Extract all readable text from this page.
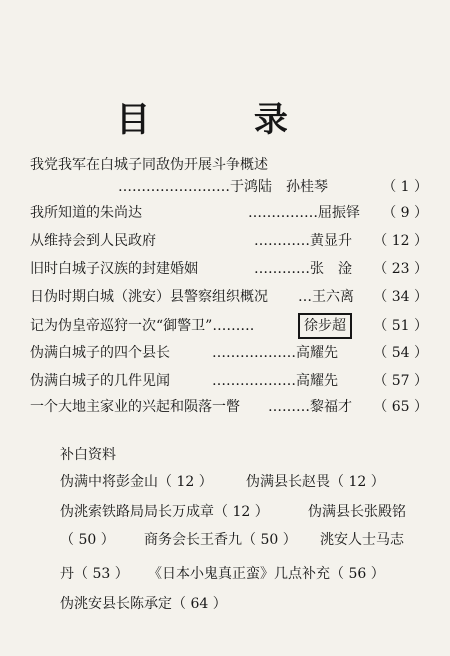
目 录
我党我军在白城子同敌伪开展斗争概述
……………………于鸿陆　孙桂琴	（ 1 ）
我所知道的朱尚达	……………屈振铎 （ 9 ）
从维持会到人民政府	…………黄显升 （ 12 ）
旧时白城子汉族的封建婚姻	…………张　淦 （ 23 ）
日伪时期白城（洮安）县警察组织概况 …王六离 （ 34 ）
记为伪皇帝巡狩一次“御警卫”………	徐步超	（ 51 ）
伪满白城子的四个县长	………………高耀先	（ 54 ）
伪满白城子的几件见闻	………………高耀先	（ 57 ）
一个大地主家业的兴起和陨落一瞥 ………黎福才 （ 65 ）
补白资料
伪满中将彭金山（ 12 ） 伪满县长赵畏（ 12 ）
伪洮索铁路局局长万成章（ 12 ）	伪满县长张殿铭
（ 50 ） 商务会长王香九（ 50 ） 洮安人士马志
丹（ 53 ） 《日本小鬼真正蛮》几点补充（ 56 ）
伪洮安县长陈承定（ 64 ）
